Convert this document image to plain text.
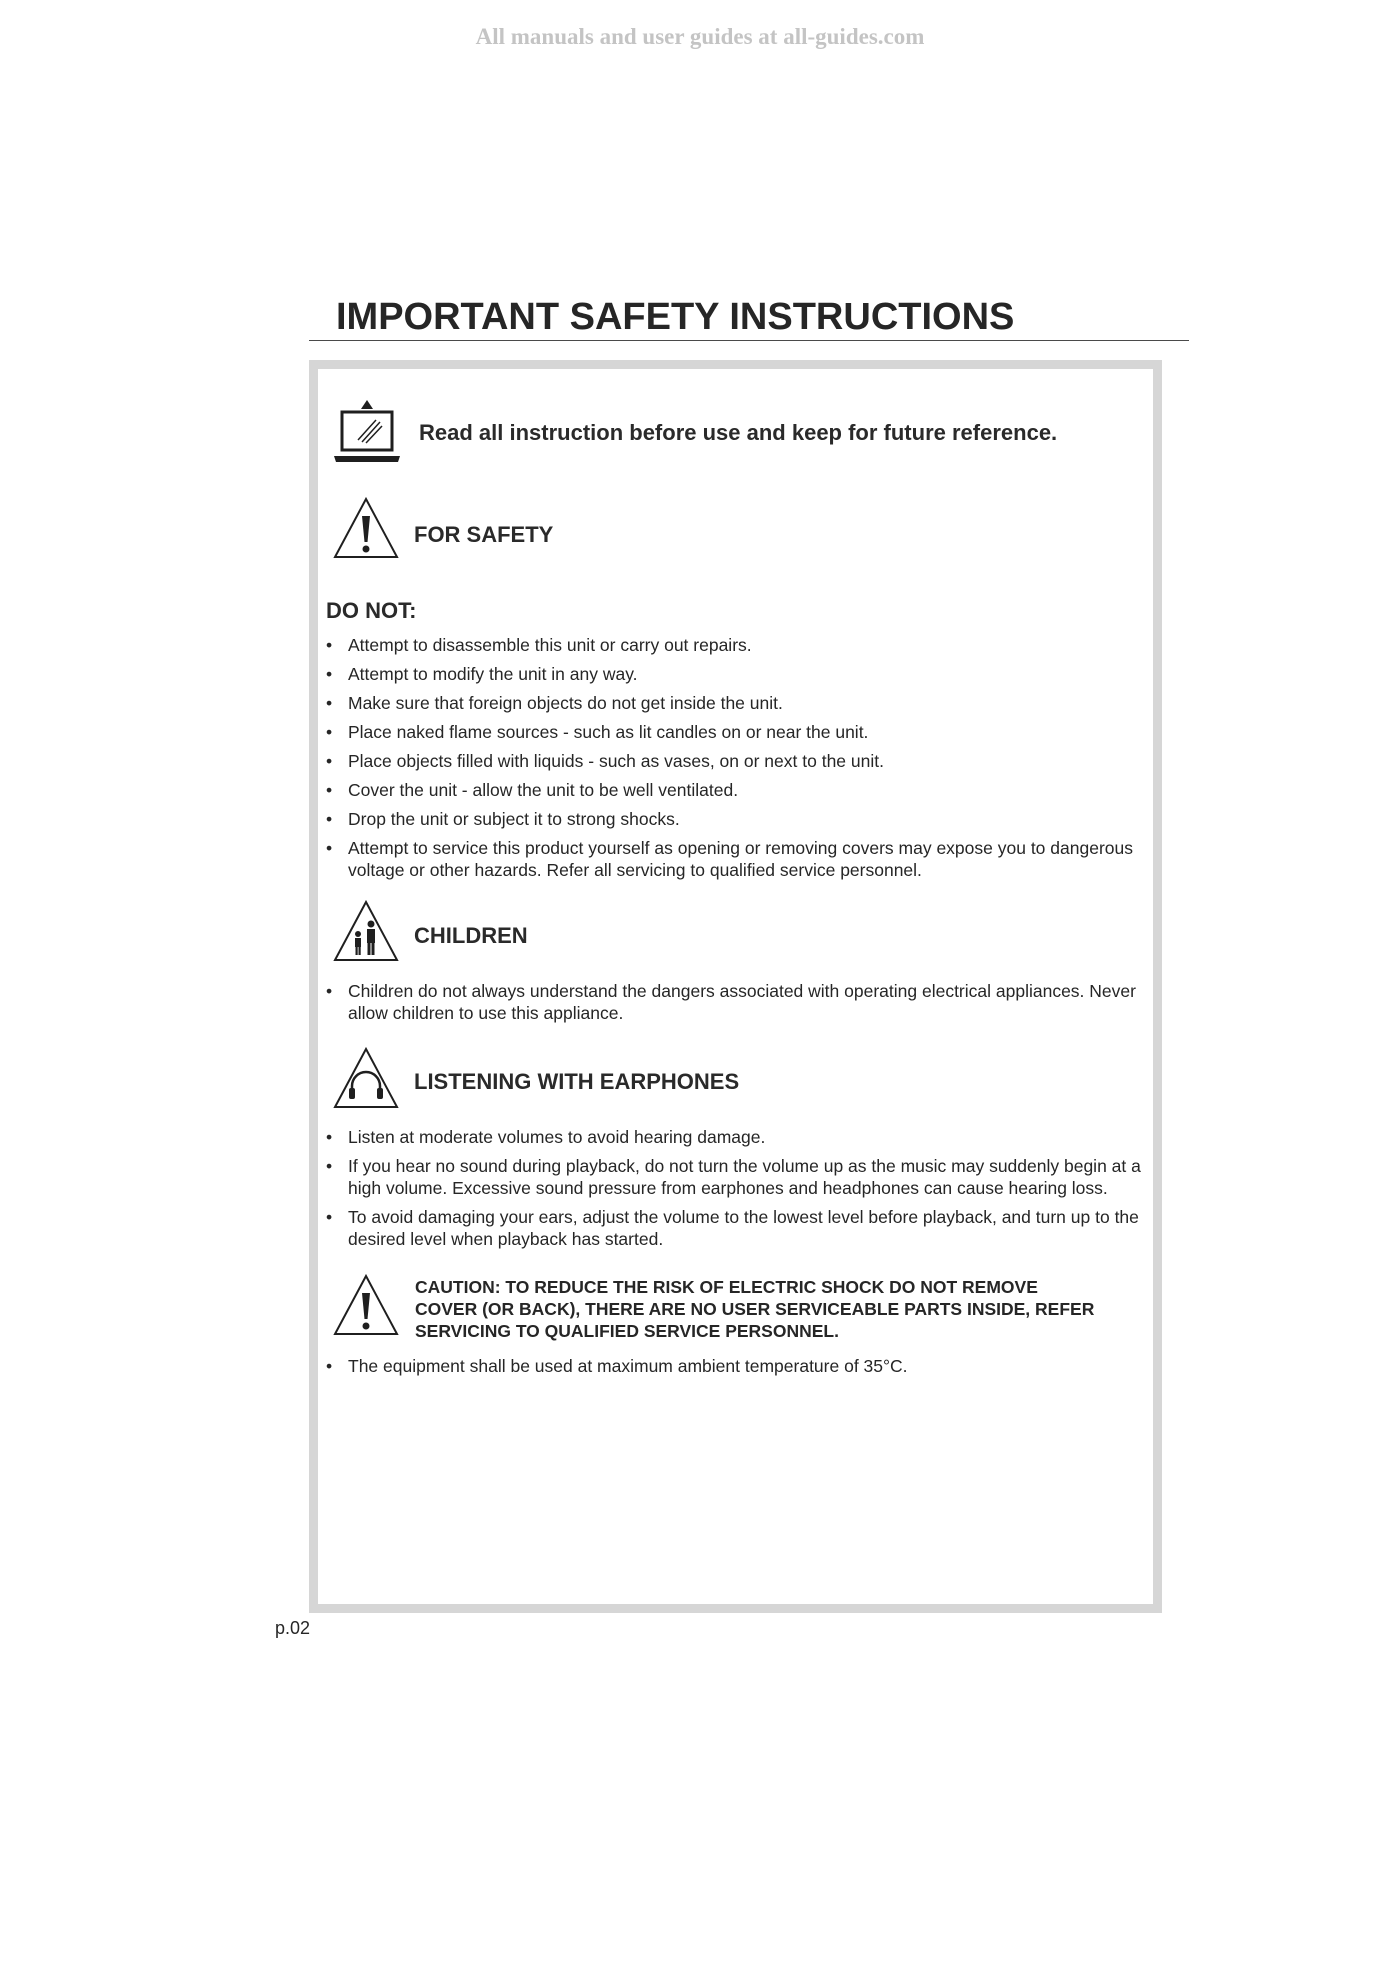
All manuals and user guides at all-guides.com
IMPORTANT SAFETY INSTRUCTIONS
Read all instruction before use and keep for future reference.
FOR SAFETY
DO NOT:
• Attempt to disassemble this unit or carry out repairs.
• Attempt to modify the unit in any way.
• Make sure that foreign objects do not get inside the unit.
• Place naked flame sources - such as lit candles on or near the unit.
• Place objects filled with liquids - such as vases, on or next to the unit.
• Cover the unit - allow the unit to be well ventilated.
• Drop the unit or subject it to strong shocks.
• Attempt to service this product yourself as opening or removing covers may expose you to dangerous voltage or other hazards. Refer all servicing to qualified service personnel.
CHILDREN
• Children do not always understand the dangers associated with operating electrical appliances. Never allow children to use this appliance.
LISTENING WITH EARPHONES
• Listen at moderate volumes to avoid hearing damage.
• If you hear no sound during playback, do not turn the volume up as the music may suddenly begin at a high volume. Excessive sound pressure from earphones and headphones can cause hearing loss.
• To avoid damaging your ears, adjust the volume to the lowest level before playback, and turn up to the desired level when playback has started.
CAUTION: TO REDUCE THE RISK OF ELECTRIC SHOCK DO NOT REMOVE
COVER (OR BACK), THERE ARE NO USER SERVICEABLE PARTS INSIDE, REFER
SERVICING TO QUALIFIED SERVICE PERSONNEL.
• The equipment shall be used at maximum ambient temperature of 35°C.
p.02
